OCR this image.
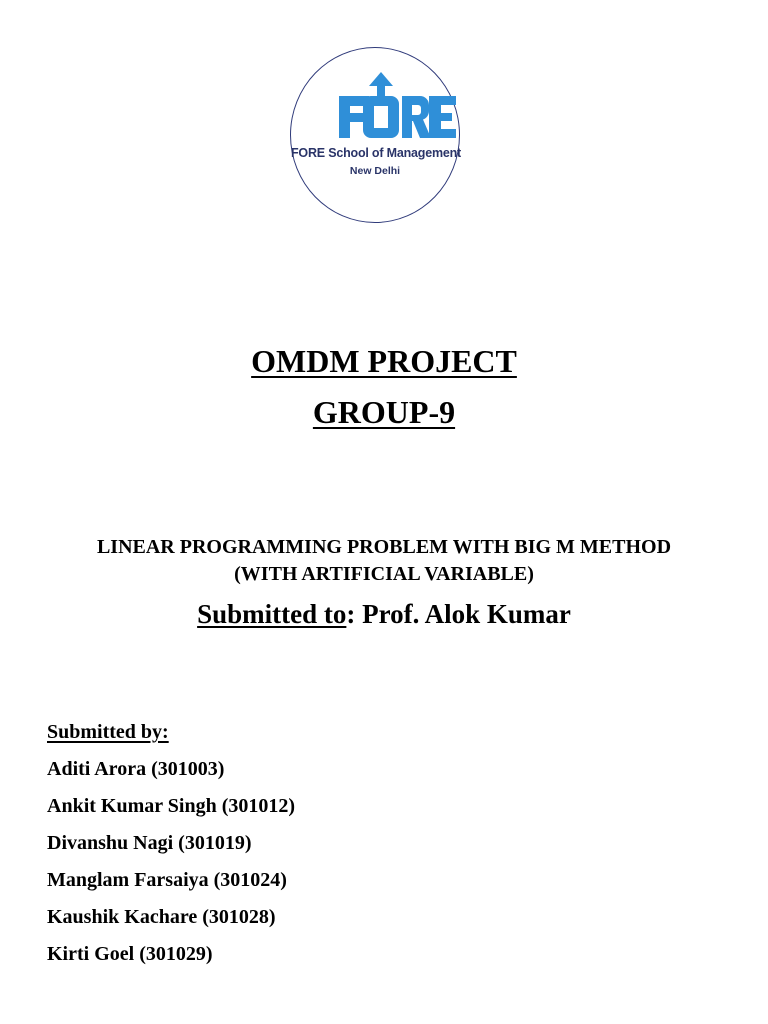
FORE School of Management
New Delhi
OMDM PROJECT
GROUP-9
LINEAR PROGRAMMING PROBLEM WITH BIG M METHOD
(WITH ARTIFICIAL VARIABLE)
Submitted to: Prof. Alok Kumar
Submitted by:
Aditi Arora (301003)
Ankit Kumar Singh (301012)
Divanshu Nagi (301019)
Manglam Farsaiya (301024)
Kaushik Kachare (301028)
Kirti Goel (301029)
